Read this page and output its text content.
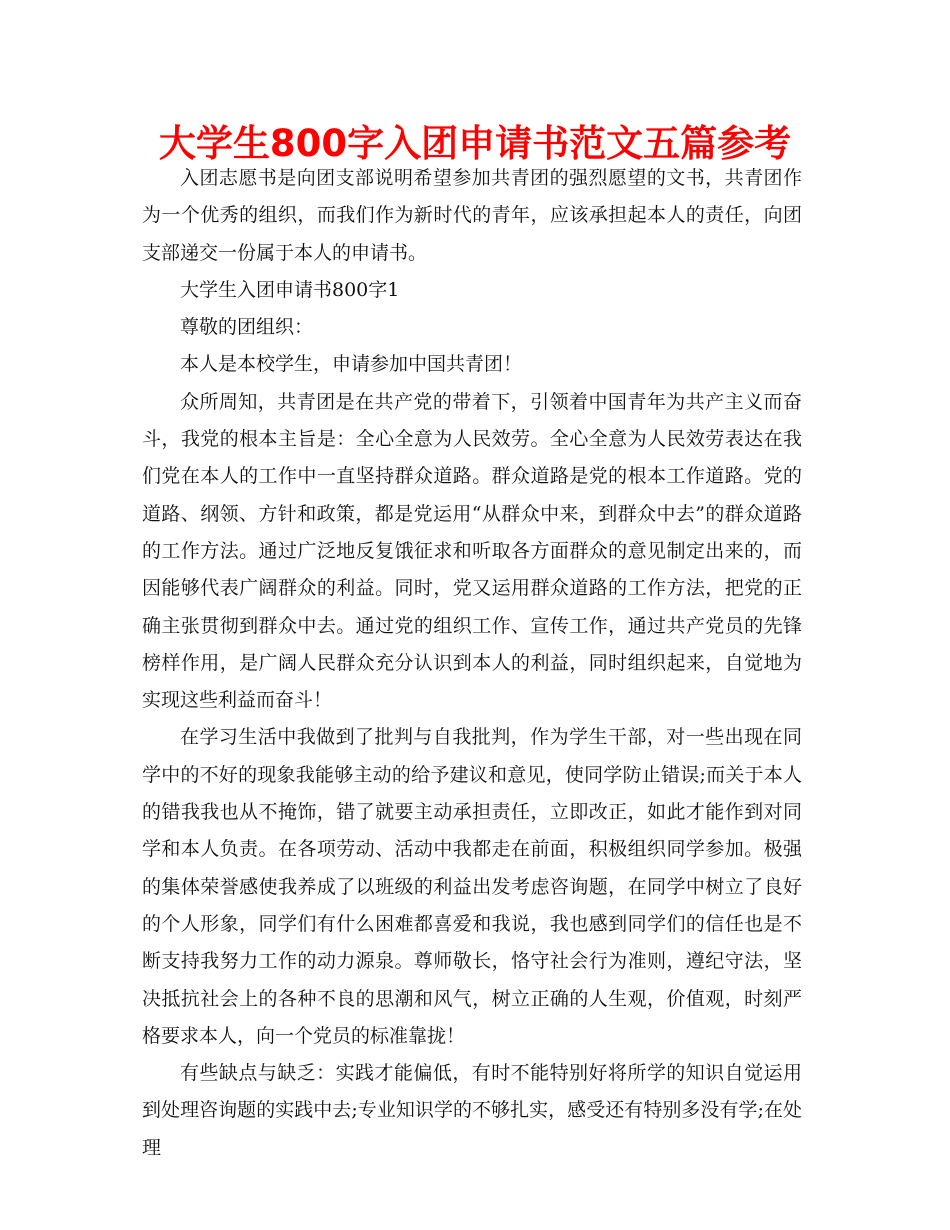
大学生800字入团申请书范文五篇参考

入团志愿书是向团支部说明希望参加共青团的强烈愿望的文书，共青团作为一个优秀的组织，而我们作为新时代的青年，应该承担起本人的责任，向团支部递交一份属于本人的申请书。

大学生入团申请书800字1

尊敬的团组织：

本人是本校学生，申请参加中国共青团！

众所周知，共青团是在共产党的带着下，引领着中国青年为共产主义而奋斗，我党的根本主旨是：全心全意为人民效劳。全心全意为人民效劳表达在我们党在本人的工作中一直坚持群众道路。群众道路是党的根本工作道路。党的道路、纲领、方针和政策，都是党运用“从群众中来，到群众中去”的群众道路的工作方法。通过广泛地反复饿征求和听取各方面群众的意见制定出来的，而因能够代表广阔群众的利益。同时，党又运用群众道路的工作方法，把党的正确主张贯彻到群众中去。通过党的组织工作、宣传工作，通过共产党员的先锋榜样作用，是广阔人民群众充分认识到本人的利益，同时组织起来，自觉地为实现这些利益而奋斗！

在学习生活中我做到了批判与自我批判，作为学生干部，对一些出现在同学中的不好的现象我能够主动的给予建议和意见，使同学防止错误;而关于本人的错我我也从不掩饰，错了就要主动承担责任，立即改正，如此才能作到对同学和本人负责。在各项劳动、活动中我都走在前面，积极组织同学参加。极强的集体荣誉感使我养成了以班级的利益出发考虑咨询题，在同学中树立了良好的个人形象，同学们有什么困难都喜爱和我说，我也感到同学们的信任也是不断支持我努力工作的动力源泉。尊师敬长，恪守社会行为准则，遵纪守法，坚决抵抗社会上的各种不良的思潮和风气，树立正确的人生观，价值观，时刻严格要求本人，向一个党员的标准靠拢！

有些缺点与缺乏：实践才能偏低，有时不能特别好将所学的知识自觉运用到处理咨询题的实践中去;专业知识学的不够扎实，感受还有特别多没有学;在处理
